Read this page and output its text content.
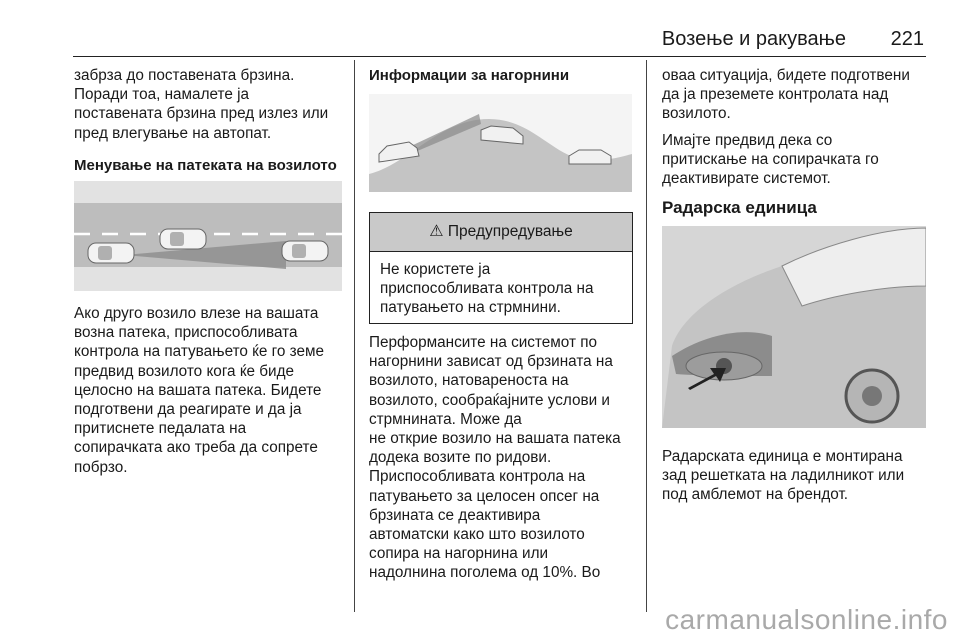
Возење и ракување 221

забрза до поставената брзина.
Поради тоа, намалете ја
поставената брзина пред излез или
пред влегување на автопат.

Менување на патеката на возилото

Ако друго возило влезе на вашата
возна патека, приспособливата
контрола на патувањето ќе го земе
предвид возилото кога ќе биде
целосно на вашата патека. Бидете
подготвени да реагирате и да ја
притиснете педалата на
сопирачката ако треба да сопрете
побрзо.

Информации за нагорнини

⚠ Предупредување
Не користете ја
приспособливата контрола на
патувањето на стрмнини.
Перформансите на системот по
нагорнини зависат од брзината на
возилото, натовареноста на
возилото, сообраќајните услови и
стрмнината. Може да
не открие возило на вашата патека
додека возите по ридови.
Приспособливата контрола на
патувањето за целосен опсег на
брзината се деактивира
автоматски како што возилото
сопира на нагорнина или
надолнина поголема од 10%. Во

оваа ситуација, бидете подготвени
да ја преземете контролата над
возилото.

Имајте предвид дека со
притискање на сопирачката го
деактивирате системот.

Радарска единица

Радарската единица е монтирана
зад решетката на ладилникот или
под амблемот на брендот.
carmanualsonline.info
